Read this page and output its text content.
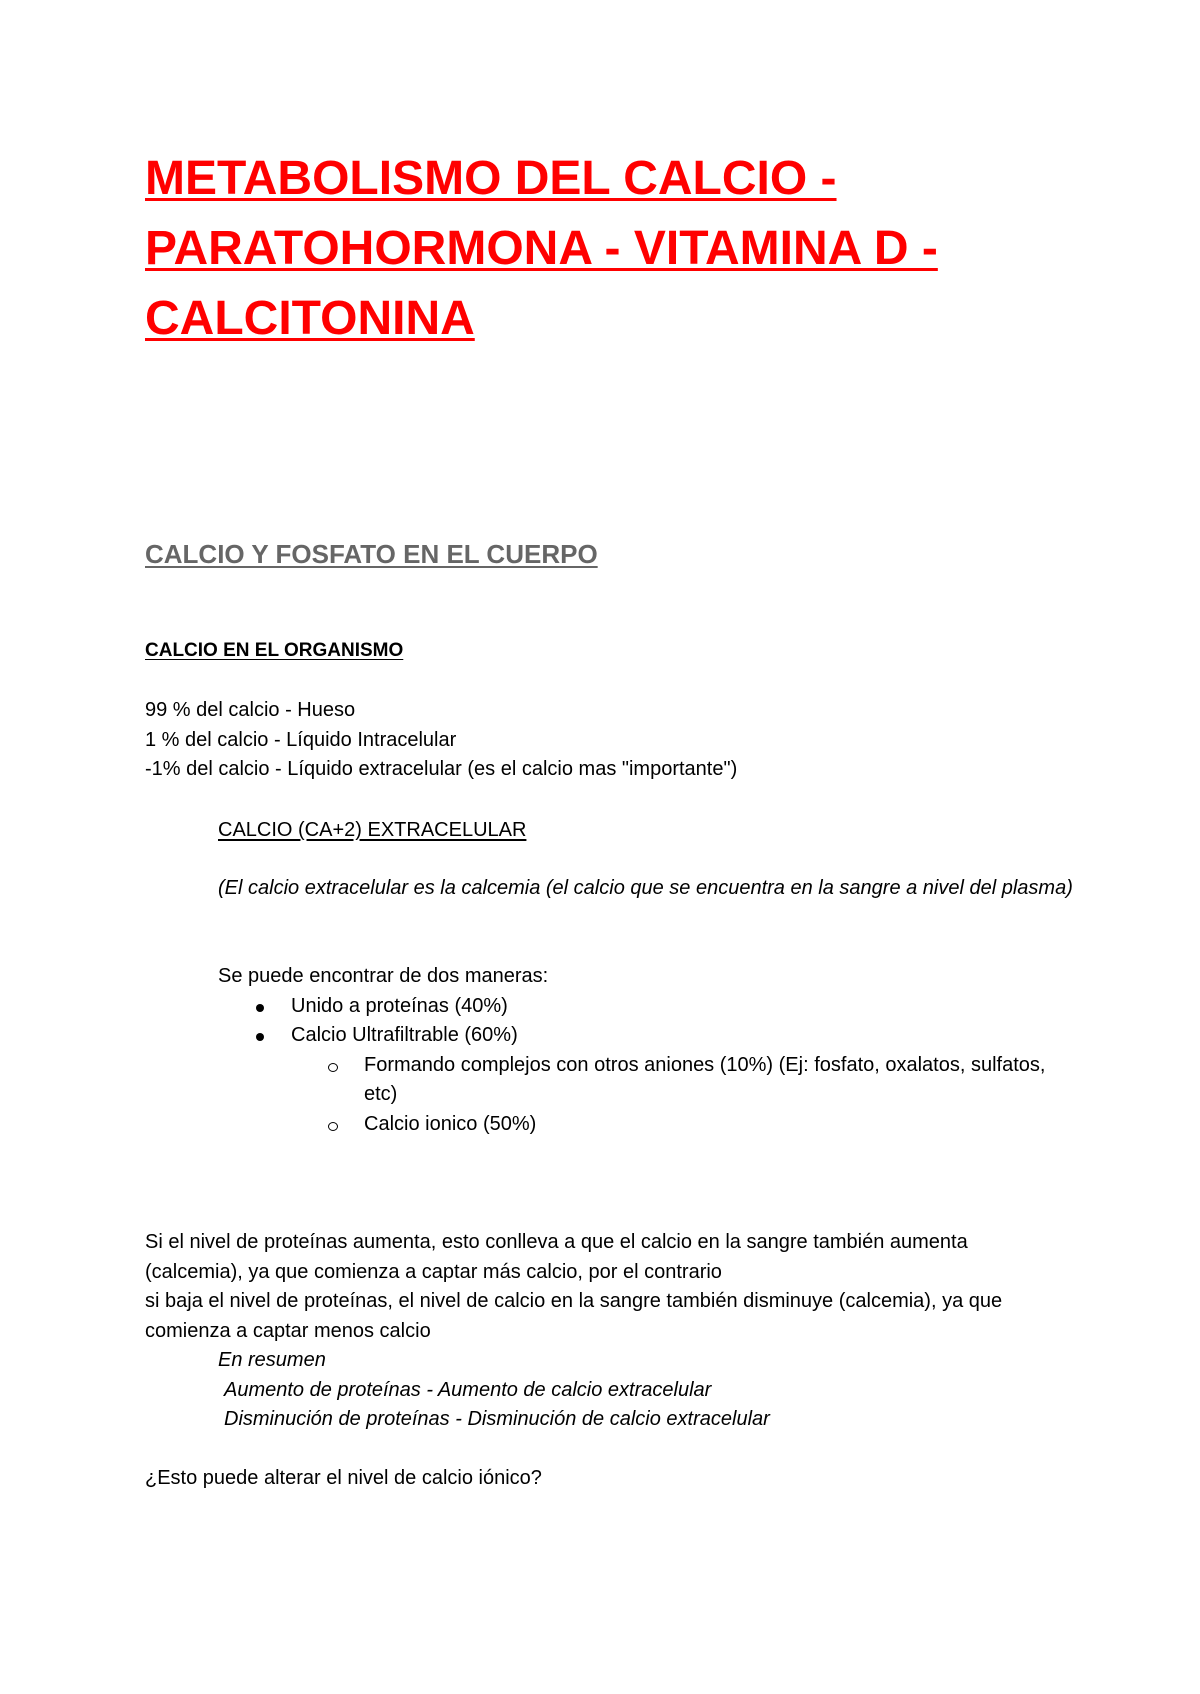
METABOLISMO DEL CALCIO - PARATOHORMONA - VITAMINA D - CALCITONINA
CALCIO Y FOSFATO EN EL CUERPO
CALCIO EN EL ORGANISMO

99 % del calcio - Hueso

1 % del calcio - Líquido Intracelular

-1% del calcio - Líquido extracelular (es el calcio mas "importante")

CALCIO (CA+2) EXTRACELULAR

(El calcio extracelular es la calcemia (el calcio que se encuentra en la sangre a nivel del plasma)

Se puede encontrar de dos maneras:

Unido a proteínas (40%)
Calcio Ultrafiltrable (60%)
Formando complejos con otros aniones (10%) (Ej: fosfato, oxalatos, sulfatos, etc)
Calcio ionico (50%)

Si el nivel de proteínas aumenta, esto conlleva a que el calcio en la sangre también aumenta (calcemia), ya que comienza a captar más calcio, por el contrario

si baja el nivel de proteínas, el nivel de calcio en la sangre también disminuye (calcemia), ya que comienza a captar menos calcio

En resumen

Aumento de proteínas - Aumento de calcio extracelular

Disminución de proteínas - Disminución de calcio extracelular

¿Esto puede alterar el nivel de calcio iónico?
